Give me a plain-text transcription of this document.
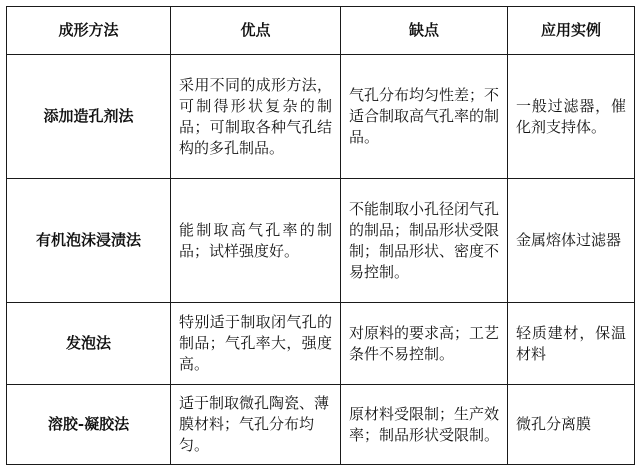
成形方法	优点	缺点	应用实例
添加造孔剂法	采用不同的成形方法，可制得形状复杂的制品；可制取各种气孔结构的多孔制品。	气孔分布均匀性差；不适合制取高气孔率的制品。	一般过滤器，催化剂支持体。
有机泡沫浸渍法	能制取高气孔率的制品；试样强度好。	不能制取小孔径闭气孔的制品；制品形状受限制；制品形状、密度不易控制。	金属熔体过滤器
发泡法	特别适于制取闭气孔的制品；气孔率大，强度高。	对原料的要求高；工艺条件不易控制。	轻质建材，保温材料
溶胶-凝胶法	适于制取微孔陶瓷、薄膜材料；气孔分布均匀。	原材料受限制；生产效率；制品形状受限制。	微孔分离膜
